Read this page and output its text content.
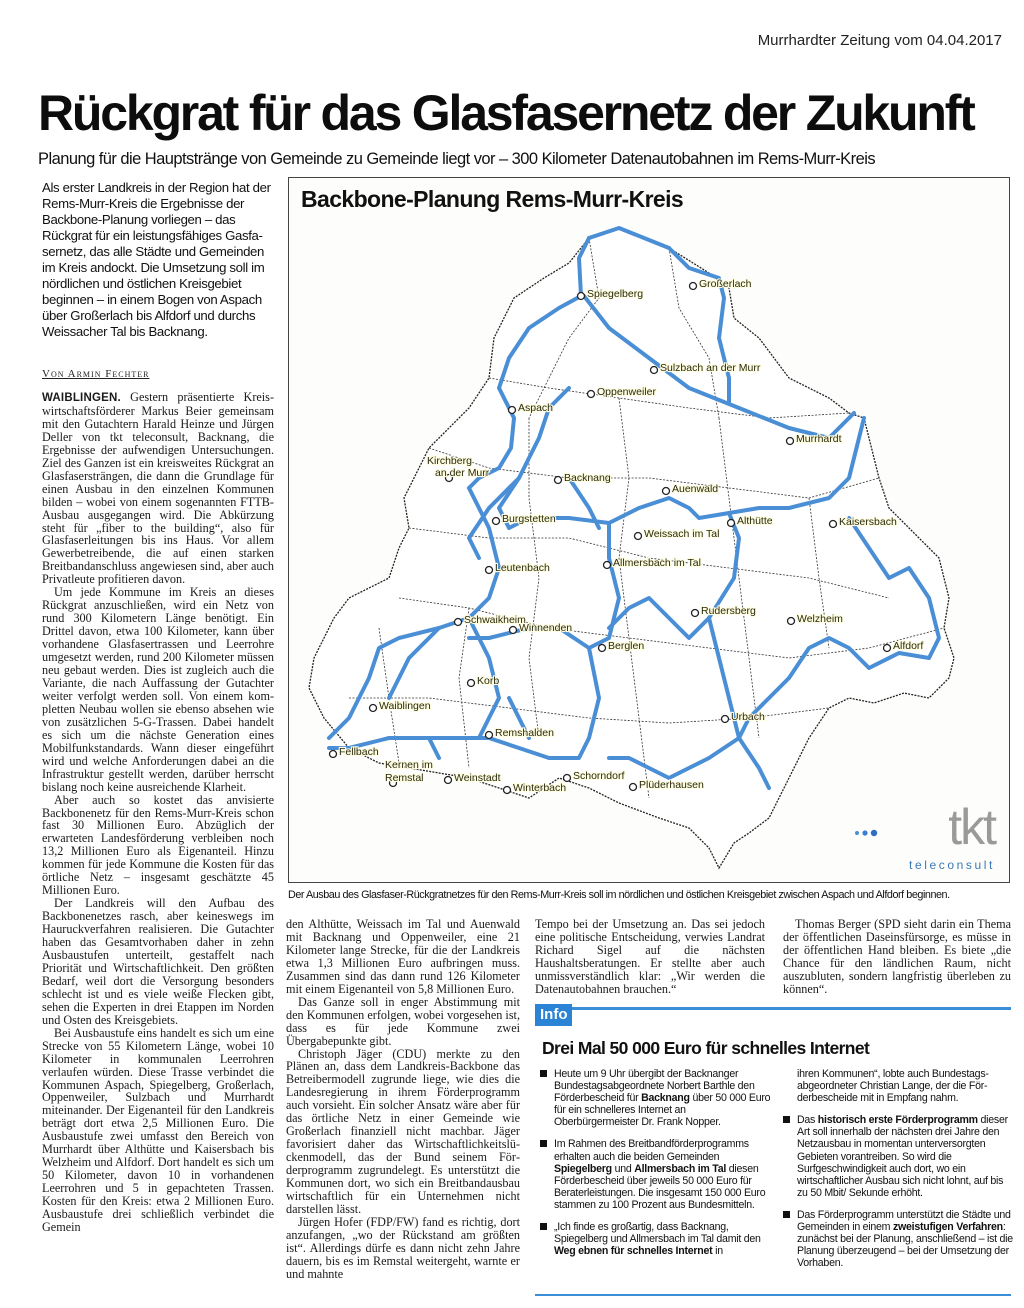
Murrhardter Zeitung vom 04.04.2017
Rückgrat für das Glasfasernetz der Zukunft
Planung für die Hauptstränge von Gemeinde zu Gemeinde liegt vor – 300 Kilometer Datenautobahnen im Rems-Murr-Kreis
Als erster Landkreis in der Region hat der Rems-Murr-Kreis die Ergebnisse der Backbone-Planung vorliegen – das Rückgrat für ein leistungsfähiges Gasfasernetz, das alle Städte und Gemeinden im Kreis andockt. Die Umsetzung soll im nördlichen und östlichen Kreisgebiet beginnen – in einem Bogen von Aspach über Großerlach bis Alfdorf und durchs Weissacher Tal bis Backnang.
Von Armin Fechter

WAIBLINGEN. Gestern präsentierte Kreiswirtschaftsförderer Markus Beier gemeinsam mit den Gutachtern Harald Heinze und Jürgen Deller von tkt teleconsult, Backnang, die Ergebnisse der aufwendigen Untersuchungen. Ziel des Ganzen ist ein kreisweites Rückgrat an Glasfasersträngen, die dann die Grundlage für einen Ausbau in den einzelnen Kommunen bilden – wobei von einem sogenannten FTTB-Ausbau ausgegangen wird. Die Abkürzung steht für „fiber to the building“, also für Glasfaserleitungen bis ins Haus. Vor allem Gewerbetreibende, die auf einen starken Breitbandanschluss angewiesen sind, aber auch Privatleute profitieren davon.

Um jede Kommune im Kreis an dieses Rückgrat anzuschließen, wird ein Netz von rund 300 Kilometern Länge benötigt. Ein Drittel davon, etwa 100 Kilometer, kann über vorhandene Glasfasertrassen und Leerrohre umgesetzt werden, rund 200 Kilometer müssen neu gebaut werden. Dies ist zugleich auch die Variante, die nach Auffassung der Gutachter weiter verfolgt werden soll. Von einem kompletten Neubau wollen sie ebenso absehen wie von zusätzlichen 5-G-Trassen. Dabei handelt es sich um die nächste Generation eines Mobilfunkstandards. Wann dieser eingeführt wird und welche Anforderungen dabei an die Infrastruktur gestellt werden, darüber herrscht bislang noch keine ausreichende Klarheit.

Aber auch so kostet das anvisierte Backbonenetz für den Rems-Murr-Kreis schon fast 30 Millionen Euro. Abzüglich der erwarteten Landesförderung verbleiben noch 13,2 Millionen Euro als Eigenanteil. Hinzu kommen für jede Kommune die Kosten für das örtliche Netz – insgesamt geschätzte 45 Millionen Euro.

Der Landkreis will den Aufbau des Backbonenetzes rasch, aber keineswegs im Hauruckverfahren realisieren. Die Gutachter haben das Gesamtvorhaben daher in zehn Ausbaustufen unterteilt, gestaffelt nach Priorität und Wirtschaftlichkeit. Den größten Bedarf, weil dort die Versorgung besonders schlecht ist und es viele weiße Flecken gibt, sehen die Experten in drei Etappen im Norden und Osten des Kreisgebiets.

Bei Ausbaustufe eins handelt es sich um eine Strecke von 55 Kilometern Länge, wobei 10 Kilometer in kommunalen Leerrohren verlaufen würden. Diese Trasse verbindet die Kommunen Aspach, Spiegelberg, Großerlach, Oppenweiler, Sulzbach und Murrhardt miteinander. Der Eigenanteil für den Landkreis beträgt dort etwa 2,5 Millionen Euro. Die Ausbaustufe zwei umfasst den Bereich von Murrhardt über Althütte und Kaisersbach bis Welzheim und Alfdorf. Dort handelt es sich um 50 Kilometer, davon 10 in vorhandenen Leerrohren und 5 in gepachteten Trassen. Kosten für den Kreis: etwa 2 Millionen Euro. Ausbaustufe drei schließlich verbindet die Gemein

den Althütte, Weissach im Tal und Auenwald mit Backnang und Oppenweiler, eine 21 Kilometer lange Strecke, für die der Landkreis etwa 1,3 Millionen Euro aufbringen muss. Zusammen sind das dann rund 126 Kilometer mit einem Eigenanteil von 5,8 Millionen Euro.

Das Ganze soll in enger Abstimmung mit den Kommunen erfolgen, wobei vorgesehen ist, dass es für jede Kommune zwei Übergabepunkte gibt.

Christoph Jäger (CDU) merkte zu den Plänen an, dass dem Landkreis-Backbone das Betreibermodell zugrunde liege, wie dies die Landesregierung in ihrem Förderprogramm auch vorsieht. Ein solcher Ansatz wäre aber für das örtliche Netz in einer Gemeinde wie Großerlach finanziell nicht machbar. Jäger favorisiert daher das Wirtschaftlichkeitslückenmodell, das der Bund seinem Förderprogramm zugrundelegt. Es unterstützt die Kommunen dort, wo sich ein Breitbandausbau wirtschaftlich für ein Unternehmen nicht darstellen lässt.

Jürgen Hofer (FDP/FW) fand es richtig, dort anzufangen, „wo der Rückstand am größten ist“. Allerdings dürfe es dann nicht zehn Jahre dauern, bis es im Remstal weitergeht, warnte er und mahnte

Tempo bei der Umsetzung an. Das sei jedoch eine politische Entscheidung, verwies Landrat Richard Sigel auf die nächsten Haushaltsberatungen. Er stellte aber auch unmissverständlich klar: „Wir werden die Datenautobahnen brauchen.“

Thomas Berger (SPD sieht darin ein Thema der öffentlichen Daseinsfürsorge, es müsse in der öffentlichen Hand bleiben. Es biete „die Chance für den ländlichen Raum, nicht auszubluten, sondern langfristig überleben zu können“.

Spiegelberg
Großerlach
Sulzbach an der Murr
Oppenweiler
Aspach
Murrhardt
Kirchberg
an der Murr	Backnang
Auenwald
Burgstetten
Weissach im Tal
Althütte	Kaisersbach
Allmersbach im Tal
Leutenbach
Rudersberg
Welzheim
Schwaikheim
Winnenden
Berglen	Alfdorf
Korb
Waiblingen
Urbach
Remshalden
Fellbach
Kernen im
Remstal	Weinstadt	Schorndorf
Plüderhausen
Winterbach
Backbone-Planung Rems-Murr-Kreis
tkt
teleconsult
Der Ausbau des Glasfaser-Rückgratnetzes für den Rems-Murr-Kreis soll im nördlichen und östlichen Kreisgebiet zwischen Aspach und Alfdorf beginnen.
Info
Drei Mal 50 000 Euro für schnelles Internet
Heute um 9 Uhr übergibt der Backnanger Bundestagsabgeordnete Norbert Barthle den Förderbescheid für Backnang über 50 000 Euro für ein schnelleres Internet an Oberbürgermeister Dr. Frank Nopper.
Im Rahmen des Breitbandförderprogramms erhalten auch die beiden Gemeinden Spiegelberg und Allmersbach im Tal diesen Förderbescheid über jeweils 50 000 Euro für Beraterleistungen. Die insgesamt 150 000 Euro stammen zu 100 Prozent aus Bundesmitteln.
„Ich finde es großartig, dass Backnang, Spiegelberg und Allmersbach im Tal damit den Weg ebnen für schnelles Internet in
ihren Kommunen“, lobte auch Bundestagsabgeordneter Christian Lange, der die Förderbescheide mit in Empfang nahm.
Das historisch erste Förderprogramm dieser Art soll innerhalb der nächsten drei Jahre den Netzausbau in momentan unterversorgten Gebieten vorantreiben. So wird die Surfgeschwindigkeit auch dort, wo ein wirtschaftlicher Ausbau sich nicht lohnt, auf bis zu 50 Mbit/ Sekunde erhöht.
Das Förderprogramm unterstützt die Städte und Gemeinden in einem zweistufigen Verfahren: zunächst bei der Planung, anschließend – ist die Planung überzeugend – bei der Umsetzung der Vorhaben.
